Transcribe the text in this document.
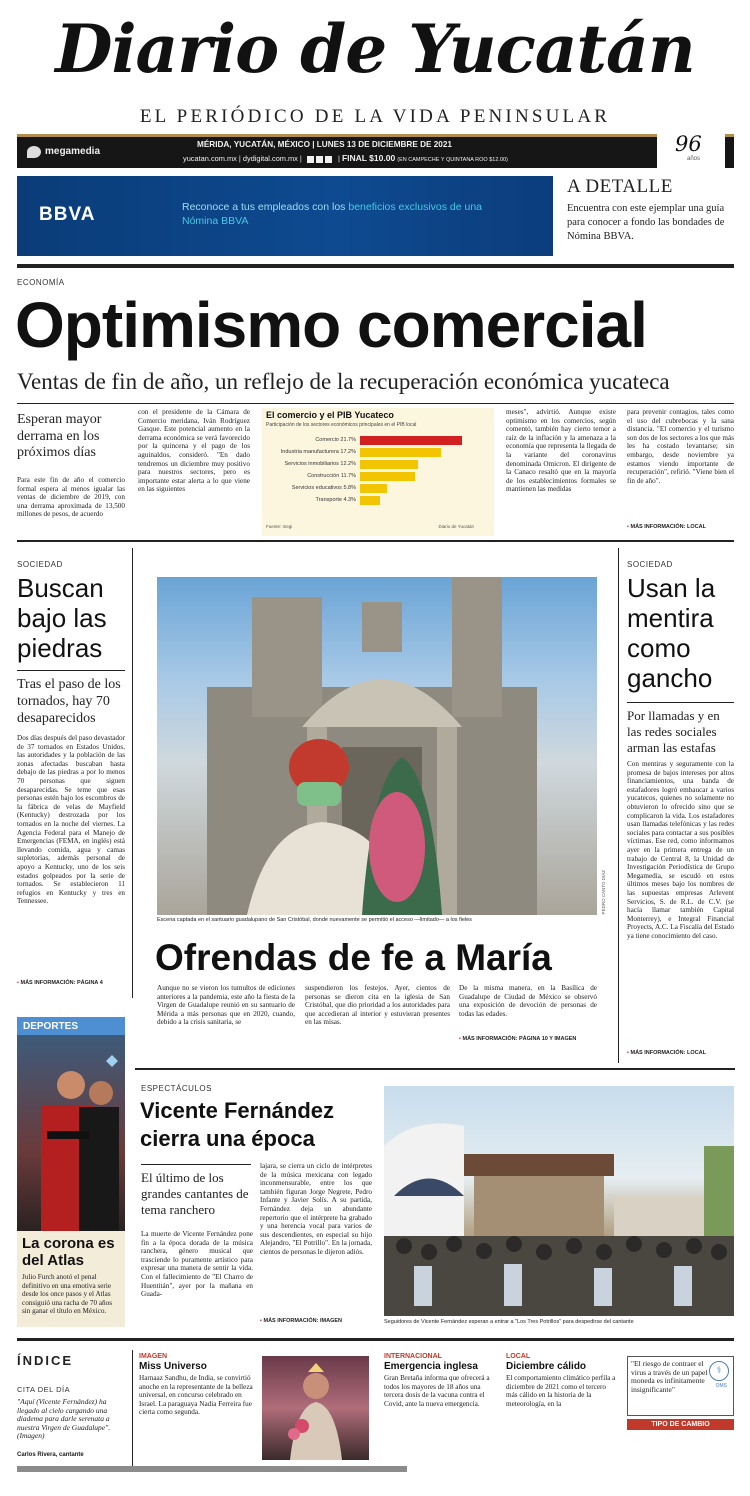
Diario de Yucatán
EL PERIÓDICO DE LA VIDA PENINSULAR
megamedia
MÉRIDA, YUCATÁN, MÉXICO | LUNES 13 DE DICIEMBRE DE 2021
yucatan.com.mx | dydigital.com.mx |	| FINAL $10.00 (EN CAMPECHE Y QUINTANA ROO $12.00)
96
años
BBVA	Reconoce a tus empleados con los beneficios exclusivos de una Nómina BBVA
A DETALLE
Encuentra con este ejemplar una guía para conocer a fondo las bondades de Nómina BBVA.
ECONOMÍA
Optimismo comercial
Ventas de fin de año, un reflejo de la recuperación económica yucateca
Esperan mayor derrama en los próximos días
Para este fin de año el comercio formal espera al menos igualar las ventas de diciembre de 2019, con una derrama aproximada de 13,500 millones de pesos, de acuerdo
con el presidente de la Cámara de Comercio meridana, Iván Rodríguez Gasque. Este potencial aumento en la derrama económica se verá favorecido por la quincena y el pago de los aguinaldos, consideró. "En dado tendremos un diciembre muy positivo para nuestros sectores, pero es importante estar alerta a lo que viene en las siguientes
El comercio y el PIB Yucateco
Participación de los sectores económicos principales en el PIB local
Comercio 21.7%
Industria manufacturera 17.2%
Servicios inmobiliarios 12.2%
Construcción 11.7%
Servicios educativos 5.8%
Transporte 4.3%
Fuente: Inegi	Diario de Yucatán
meses", advirtió. Aunque existe optimismo en los comercios, según comentó, también hay cierto temor a raíz de la inflación y la amenaza a la economía que representa la llegada de la variante del coronavirus denominada Omicron. El dirigente de la Canaco resaltó que en la mayoría de los establecimientos formales se mantienen las medidas
para prevenir contagios, tales como el uso del cubrebocas y la sana distancia. "El comercio y el turismo son dos de los sectores a los que más les ha costado levantarse; sin embargo, desde noviembre ya estamos viendo importante de recuperación", refirió. "Viene bien el fin de año".
▪ MÁS INFORMACIÓN: LOCAL
SOCIEDAD
Buscan bajo las piedras
Tras el paso de los tornados, hay 70 desaparecidos
Dos días después del paso devastador de 37 tornados en Estados Unidos, las autoridades y la población de las zonas afectadas buscaban hasta debajo de las piedras a por lo menos 70 personas que siguen desaparecidas. Se teme que esas personas estén bajo los escombros de la fábrica de velas de Mayfield (Kentucky) destrozada por los tornados en la noche del viernes. La Agencia Federal para el Manejo de Emergencias (FEMA, en inglés) está llevando comida, agua y camas supletorias, además personal de apoyo a Kentucky, uno de los seis estados golpeados por la serie de tornados. Se establecieron 11 refugios en Kentucky y tres en Tennessee.
▪ MÁS INFORMACIÓN: PÁGINA 4
Escena captada en el santuario guadalupano de San Cristóbal, donde nuevamente se permitió el acceso —limitado— a los fieles
PEDRO CANTO DIAZ
Ofrendas de fe a María
Aunque no se vieron los tumultos de ediciones anteriores a la pandemia, este año la fiesta de la Virgen de Guadalupe reunió en su santuario de Mérida a más personas que en 2020, cuando, debido a la crisis sanitaria, se
suspendieron los festejos. Ayer, cientos de personas se dieron cita en la iglesia de San Cristóbal, que dio prioridad a los autoridades para que accedieran al interior y estuvieran presentes en las misas.
De la misma manera, en la Basílica de Guadalupe de Ciudad de México se observó una exposición de devoción de personas de todas las edades.
▪ MÁS INFORMACIÓN: PÁGINA 10 Y IMAGEN
SOCIEDAD
Usan la mentira como gancho
Por llamadas y en las redes sociales arman las estafas
Con mentiras y seguramente con la promesa de bajos intereses por altos financiamientos, una banda de estafadores logró embaucar a varios yucatecos, quienes no solamente no obtuvieron lo ofrecido sino que se complicaron la vida. Los estafadores usan llamadas telefónicas y las redes sociales para contactar a sus posibles víctimas. Ese red, como informamos ayer en la primera entrega de un trabajo de Central 8, la Unidad de Investigación Periodística de Grupo Megamedia, se escudó en estos últimos meses bajo los nombres de las supuestas empresas Arlevent Servicios, S. de R.L. de C.V. (se hacía llamar también Capital Monterrey), e Integral Financial Proyects, A.C. La Fiscalía del Estado ya tiene conocimiento del caso.
▪ MÁS INFORMACIÓN: LOCAL
DEPORTES
La corona es del Atlas
Julio Furch anotó el penal definitivo en una emotiva serie desde los once pasos y el Atlas consiguió una racha de 70 años sin ganar el título en México.
ESPECTÁCULOS
Vicente Fernández cierra una época
El último de los grandes cantantes de tema ranchero
La muerte de Vicente Fernández pone fin a la época dorada de la música ranchera, género musical que trasciende lo puramente artístico para expresar una manera de sentir la vida. Con el fallecimiento de "El Charro de Huentitán", ayer por la mañana en Guada-
lajara, se cierra un ciclo de intérpretes de la música mexicana con legado inconmensurable, entre los que también figuran Jorge Negrete, Pedro Infante y Javier Solís. A su partida, Fernández deja un abundante repertorio que el intérprete ha grabado y una herencia vocal para varios de sus descendientes, en especial su hijo Alejandro, "El Potrillo". En la jornada, cientos de personas le dijeron adiós.
▪ MÁS INFORMACIÓN: IMAGEN	Seguidores de Vicente Fernández esperan a entrar a "Los Tres Potrillos" para despedirse del cantante
ÍNDICE
CITA DEL DÍA
"Aquí (Vicente Fernández) ha llegado al cielo cargando una diadema para darle serenata a nuestra Virgen de Guadalupe". (Imagen)
Carlos Rivera, cantante
IMAGEN
Miss Universo
Harnaaz Sandhu, de India, se convirtió anoche en la representante de la belleza universal, en concurso celebrado en Israel. La paraguaya Nadia Ferreira fue cierta como segunda.
INTERNACIONAL
Emergencia inglesa
Gran Bretaña informa que ofrecerá a todos los mayores de 18 años una tercera dosis de la vacuna contra el Covid, ante la nueva emergencia.
LOCAL
Diciembre cálido
El comportamiento climático perfila a diciembre de 2021 como el tercero más cálido en la historia de la meteorología, en la
"El riesgo de contraer el virus a través de un papel moneda es infinitamente insignificante"
⚕
OMS
TIPO DE CAMBIO
